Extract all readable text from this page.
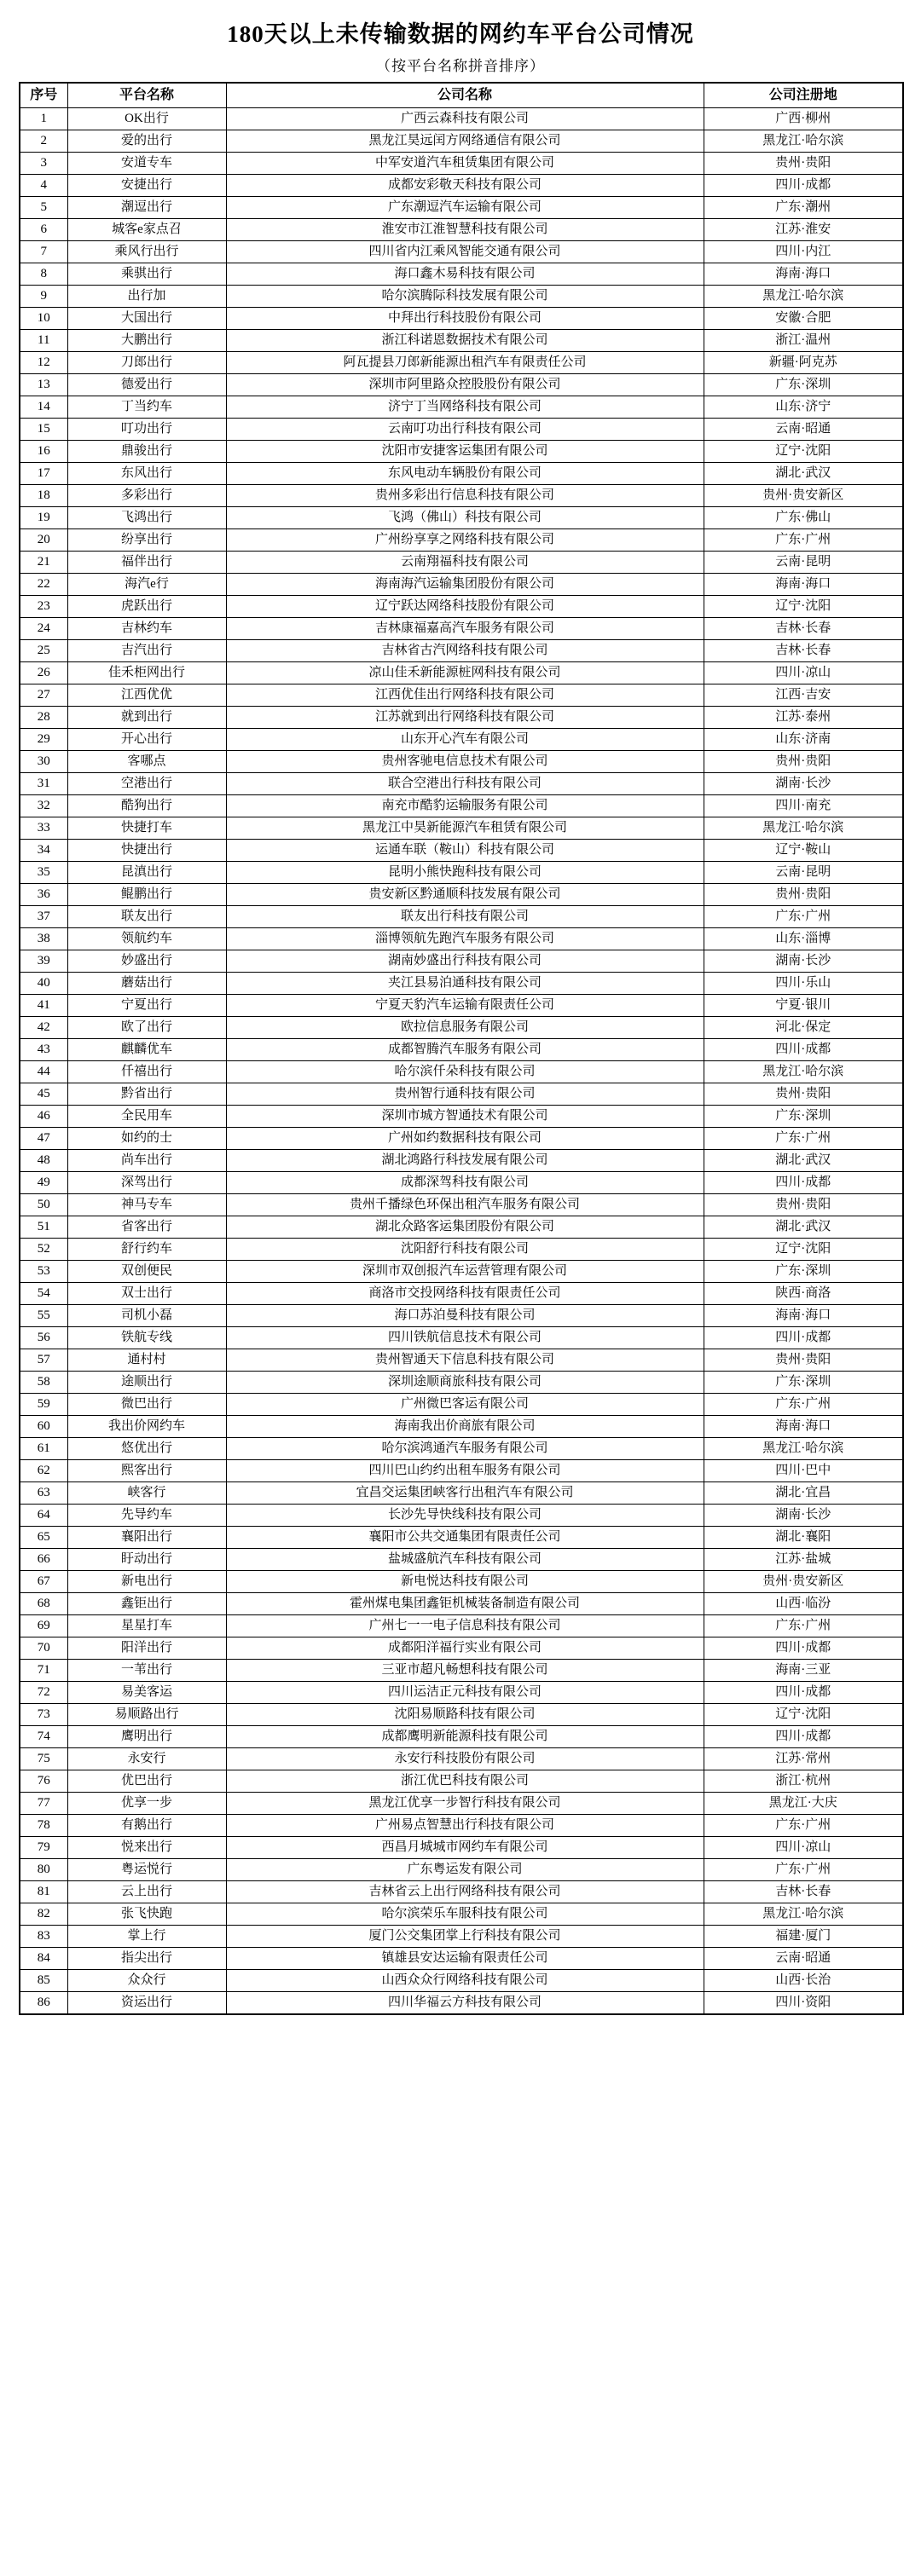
180天以上未传输数据的网约车平台公司情况
（按平台名称拼音排序）
序号	平台名称	公司名称	公司注册地
1	OK出行	广西云森科技有限公司	广西·柳州
2	爱的出行	黑龙江昊远闰方网络通信有限公司	黑龙江·哈尔滨
3	安道专车	中军安道汽车租赁集团有限公司	贵州·贵阳
4	安捷出行	成都安彩敬天科技有限公司	四川·成都
5	潮逗出行	广东潮逗汽车运输有限公司	广东·潮州
6	城客e家点召	淮安市江淮智慧科技有限公司	江苏·淮安
7	乘风行出行	四川省内江乘风智能交通有限公司	四川·内江
8	乘骐出行	海口鑫木易科技有限公司	海南·海口
9	出行加	哈尔滨腾际科技发展有限公司	黑龙江·哈尔滨
10	大国出行	中拜出行科技股份有限公司	安徽·合肥
11	大鹏出行	浙江科诺恩数据技术有限公司	浙江·温州
12	刀郎出行	阿瓦提县刀郎新能源出租汽车有限责任公司	新疆·阿克苏
13	德爱出行	深圳市阿里路众控股股份有限公司	广东·深圳
14	丁当约车	济宁丁当网络科技有限公司	山东·济宁
15	叮功出行	云南叮功出行科技有限公司	云南·昭通
16	鼎骏出行	沈阳市安捷客运集团有限公司	辽宁·沈阳
17	东风出行	东风电动车辆股份有限公司	湖北·武汉
18	多彩出行	贵州多彩出行信息科技有限公司	贵州·贵安新区
19	飞鸿出行	飞鸿（佛山）科技有限公司	广东·佛山
20	纷享出行	广州纷享享之网络科技有限公司	广东·广州
21	福伴出行	云南翔福科技有限公司	云南·昆明
22	海汽e行	海南海汽运输集团股份有限公司	海南·海口
23	虎跃出行	辽宁跃达网络科技股份有限公司	辽宁·沈阳
24	吉林约车	吉林康福嘉高汽车服务有限公司	吉林·长春
25	吉汽出行	吉林省古汽网络科技有限公司	吉林·长春
26	佳禾柜网出行	凉山佳禾新能源桩网科技有限公司	四川·凉山
27	江西优优	江西优佳出行网络科技有限公司	江西·吉安
28	就到出行	江苏就到出行网络科技有限公司	江苏·泰州
29	开心出行	山东开心汽车有限公司	山东·济南
30	客哪点	贵州客驰电信息技术有限公司	贵州·贵阳
31	空港出行	联合空港出行科技有限公司	湖南·长沙
32	酷狗出行	南充市酷豹运输服务有限公司	四川·南充
33	快捷打车	黑龙江中昊新能源汽车租赁有限公司	黑龙江·哈尔滨
34	快捷出行	运通车联（鞍山）科技有限公司	辽宁·鞍山
35	昆滇出行	昆明小熊快跑科技有限公司	云南·昆明
36	鲲鹏出行	贵安新区黔通顺科技发展有限公司	贵州·贵阳
37	联友出行	联友出行科技有限公司	广东·广州
38	领航约车	淄博领航先跑汽车服务有限公司	山东·淄博
39	妙盛出行	湖南妙盛出行科技有限公司	湖南·长沙
40	蘑菇出行	夹江县易泊通科技有限公司	四川·乐山
41	宁夏出行	宁夏天豹汽车运输有限责任公司	宁夏·银川
42	欧了出行	欧拉信息服务有限公司	河北·保定
43	麒麟优车	成都智腾汽车服务有限公司	四川·成都
44	仟禧出行	哈尔滨仟朵科技有限公司	黑龙江·哈尔滨
45	黔省出行	贵州智行通科技有限公司	贵州·贵阳
46	全民用车	深圳市城方智通技术有限公司	广东·深圳
47	如约的士	广州如约数据科技有限公司	广东·广州
48	尚车出行	湖北鸿路行科技发展有限公司	湖北·武汉
49	深驾出行	成都深驾科技有限公司	四川·成都
50	神马专车	贵州千播绿色环保出租汽车服务有限公司	贵州·贵阳
51	省客出行	湖北众路客运集团股份有限公司	湖北·武汉
52	舒行约车	沈阳舒行科技有限公司	辽宁·沈阳
53	双创便民	深圳市双创报汽车运营管理有限公司	广东·深圳
54	双士出行	商洛市交投网络科技有限责任公司	陕西·商洛
55	司机小磊	海口苏泊曼科技有限公司	海南·海口
56	铁航专线	四川铁航信息技术有限公司	四川·成都
57	通村村	贵州智通天下信息科技有限公司	贵州·贵阳
58	途顺出行	深圳途顺商旅科技有限公司	广东·深圳
59	微巴出行	广州微巴客运有限公司	广东·广州
60	我出价网约车	海南我出价商旅有限公司	海南·海口
61	悠优出行	哈尔滨鸿通汽车服务有限公司	黑龙江·哈尔滨
62	熙客出行	四川巴山约约出租车服务有限公司	四川·巴中
63	峡客行	宜昌交运集团峡客行出租汽车有限公司	湖北·宜昌
64	先导约车	长沙先导快线科技有限公司	湖南·长沙
65	襄阳出行	襄阳市公共交通集团有限责任公司	湖北·襄阳
66	盱动出行	盐城盛航汽车科技有限公司	江苏·盐城
67	新电出行	新电悦达科技有限公司	贵州·贵安新区
68	鑫钜出行	霍州煤电集团鑫钜机械装备制造有限公司	山西·临汾
69	星星打车	广州七一一电子信息科技有限公司	广东·广州
70	阳洋出行	成都阳洋福行实业有限公司	四川·成都
71	一苇出行	三亚市超凡畅想科技有限公司	海南·三亚
72	易美客运	四川运洁正元科技有限公司	四川·成都
73	易顺路出行	沈阳易顺路科技有限公司	辽宁·沈阳
74	鹰明出行	成都鹰明新能源科技有限公司	四川·成都
75	永安行	永安行科技股份有限公司	江苏·常州
76	优巴出行	浙江优巴科技有限公司	浙江·杭州
77	优享一步	黑龙江优享一步智行科技有限公司	黑龙江·大庆
78	有鹅出行	广州易点智慧出行科技有限公司	广东·广州
79	悦来出行	西昌月城城市网约车有限公司	四川·凉山
80	粤运悦行	广东粤运发有限公司	广东·广州
81	云上出行	吉林省云上出行网络科技有限公司	吉林·长春
82	张飞快跑	哈尔滨荣乐车服科技有限公司	黑龙江·哈尔滨
83	掌上行	厦门公交集团掌上行科技有限公司	福建·厦门
84	指尖出行	镇雄县安达运输有限责任公司	云南·昭通
85	众众行	山西众众行网络科技有限公司	山西·长治
86	资运出行	四川华福云方科技有限公司	四川·资阳
